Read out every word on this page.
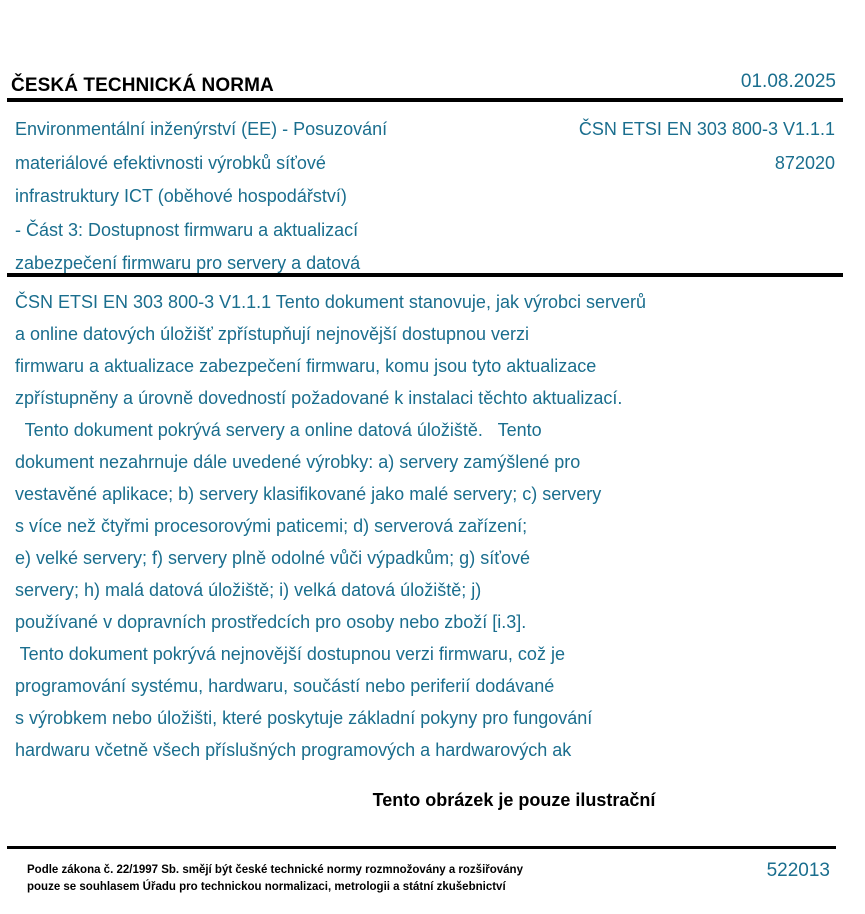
ČESKÁ TECHNICKÁ NORMA	01.08.2025
Environmentální inženýrství (EE) - Posuzování
materiálové efektivnosti výrobků síťové
infrastruktury ICT (oběhové hospodářství)
- Část 3: Dostupnost firmwaru a aktualizací
zabezpečení firmwaru pro servery a datová
ČSN ETSI EN 303 800-3 V1.1.1
872020
ČSN ETSI EN 303 800-3 V1.1.1 Tento dokument stanovuje, jak výrobci serverů
a online datových úložišť zpřístupňují nejnovější dostupnou verzi
firmwaru a aktualizace zabezpečení firmwaru, komu jsou tyto aktualizace
zpřístupněny a úrovně dovedností požadované k instalaci těchto aktualizací.
Tento dokument pokrývá servery a online datová úložiště.   Tento
dokument nezahrnuje dále uvedené výrobky: a) servery zamýšlené pro
vestavěné aplikace; b) servery klasifikované jako malé servery; c) servery
s více než čtyřmi procesorovými paticemi; d) serverová zařízení;
e) velké servery; f) servery plně odolné vůči výpadkům; g) síťové
servery; h) malá datová úložiště; i) velká datová úložiště; j)
používané v dopravních prostředcích pro osoby nebo zboží [i.3].
Tento dokument pokrývá nejnovější dostupnou verzi firmwaru, což je
programování systému, hardwaru, součástí nebo periferií dodávané
s výrobkem nebo úložišti, které poskytuje základní pokyny pro fungování
hardwaru včetně všech příslušných programových a hardwarových ak
Tento obrázek je pouze ilustrační
Podle zákona č. 22/1997 Sb. smějí být české technické normy rozmnožovány a rozšiřovány
pouze se souhlasem Úřadu pro technickou normalizaci, metrologii a státní zkušebnictví
522013
